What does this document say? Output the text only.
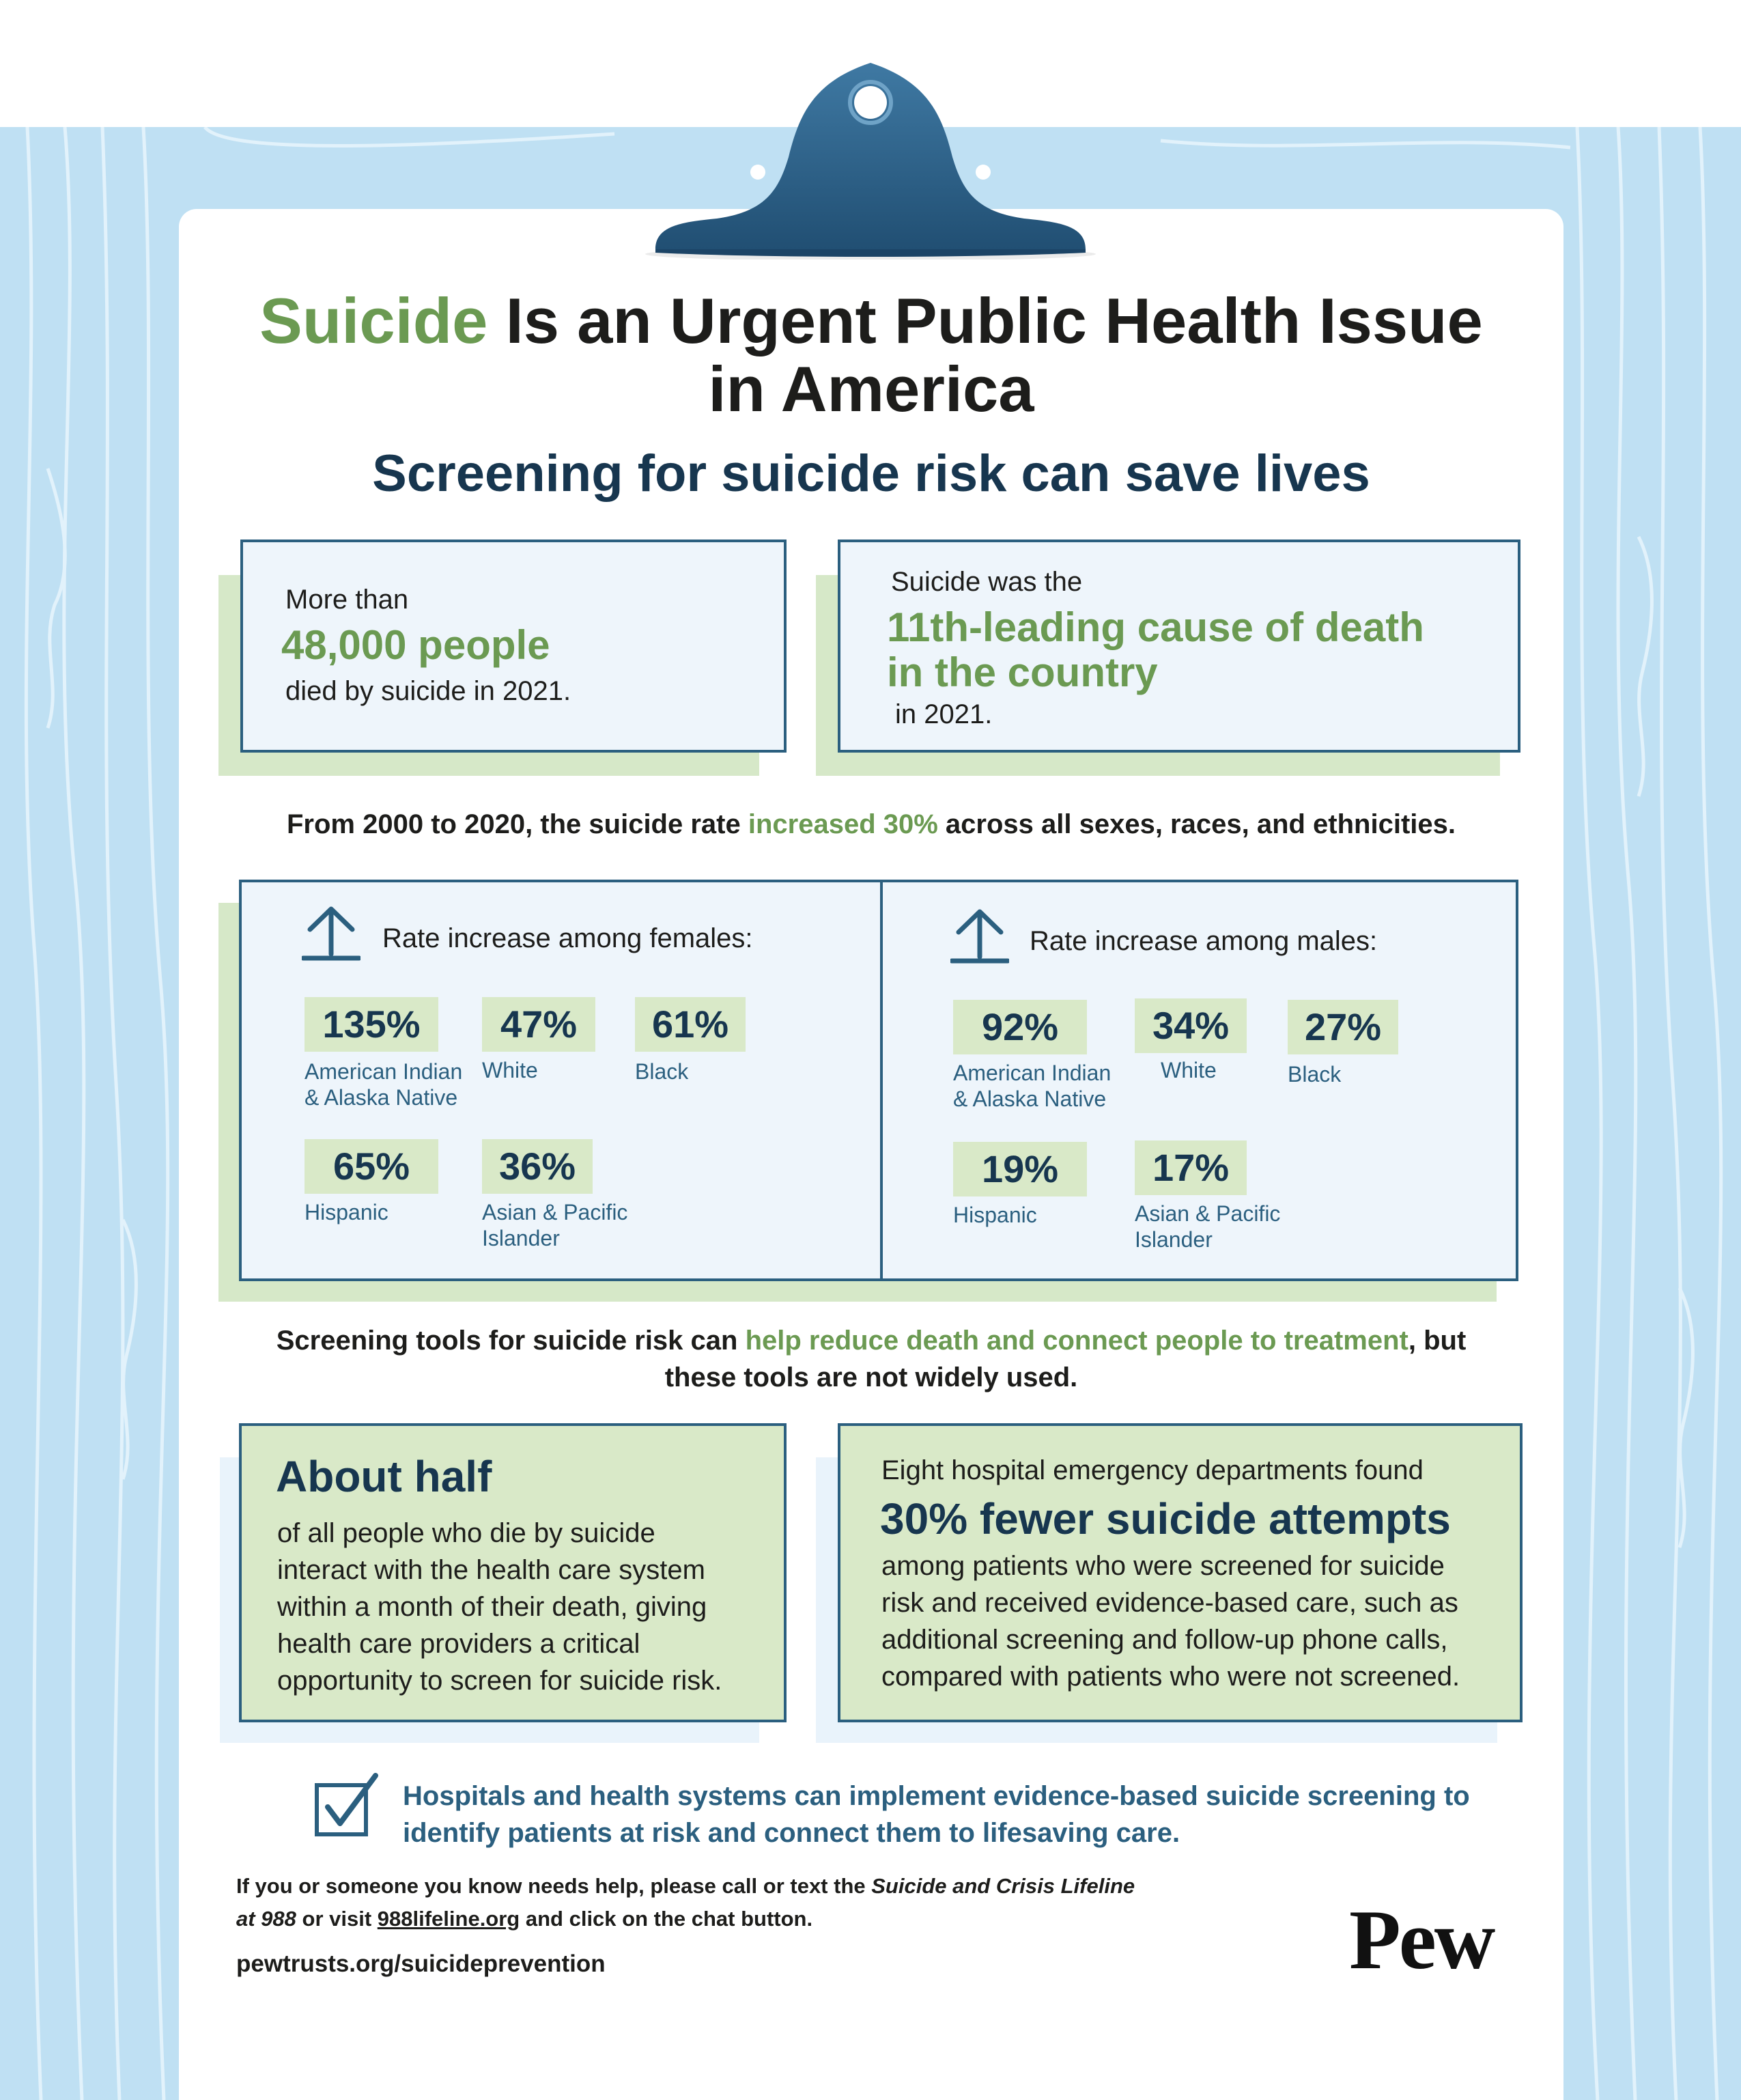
Suicide Is an Urgent Public Health Issue
in America
Screening for suicide risk can save lives
More than
48,000 people
died by suicide in 2021.
Suicide was the
11th-leading cause of death
in the country
in 2021.
From 2000 to 2020, the suicide rate increased 30% across all sexes, races, and ethnicities.
Rate increase among females:
135%
American Indian
& Alaska Native
47%
White
61%
Black
65%
Hispanic
36%
Asian & Pacific
Islander
Rate increase among males:
92%
American Indian
& Alaska Native
34%
White
27%
Black
19%
Hispanic
17%
Asian & Pacific
Islander
Screening tools for suicide risk can help reduce death and connect people to treatment, but
these tools are not widely used.
About half
of all people who die by suicide
interact with the health care system
within a month of their death, giving
health care providers a critical
opportunity to screen for suicide risk.
Eight hospital emergency departments found
30% fewer suicide attempts
among patients who were screened for suicide
risk and received evidence-based care, such as
additional screening and follow-up phone calls,
compared with patients who were not screened.
Hospitals and health systems can implement evidence-based suicide screening to
identify patients at risk and connect them to lifesaving care.
If you or someone you know needs help, please call or text the Suicide and Crisis Lifeline
at 988 or visit 988lifeline.org and click on the chat button.
pewtrusts.org/suicideprevention	Pew
